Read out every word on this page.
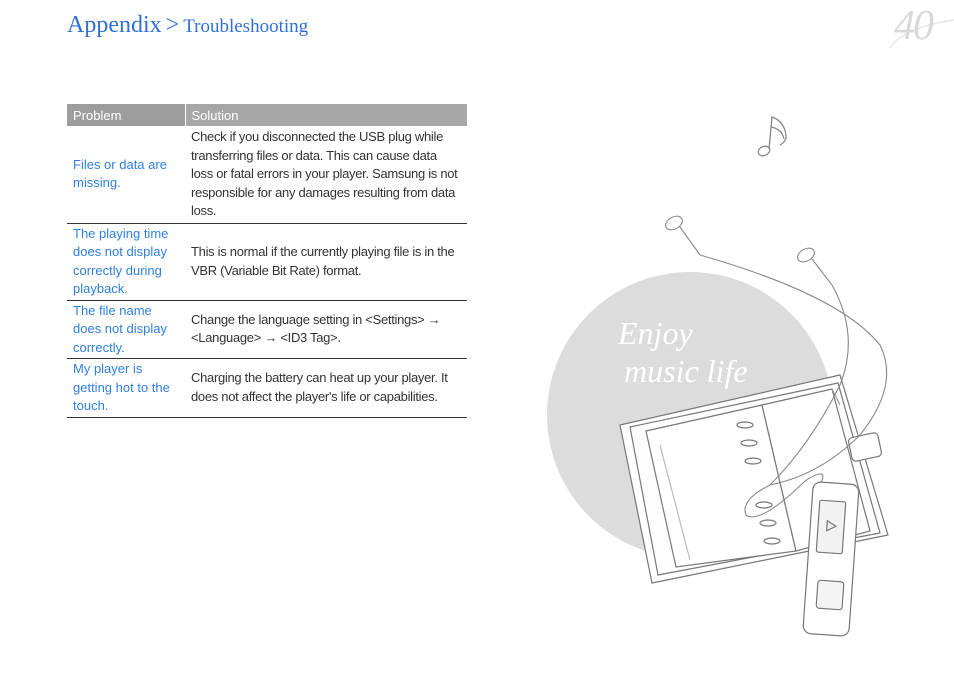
Appendix > Troubleshooting	40
Problem	Solution
Files or data are missing.	Check if you disconnected the USB plug while transferring files or data. This can cause data loss or fatal errors in your player. Samsung is not responsible for any damages resulting from data loss.
The playing time does not display correctly during playback.	This is normal if the currently playing file is in the VBR (Variable Bit Rate) format.
The file name does not display correctly.	Change the language setting in <Settings> → <Language> → <ID3 Tag>.
My player is getting hot to the touch.	Charging the battery can heat up your player. It does not affect the player's life or capabilities.
Enjoy
music life
